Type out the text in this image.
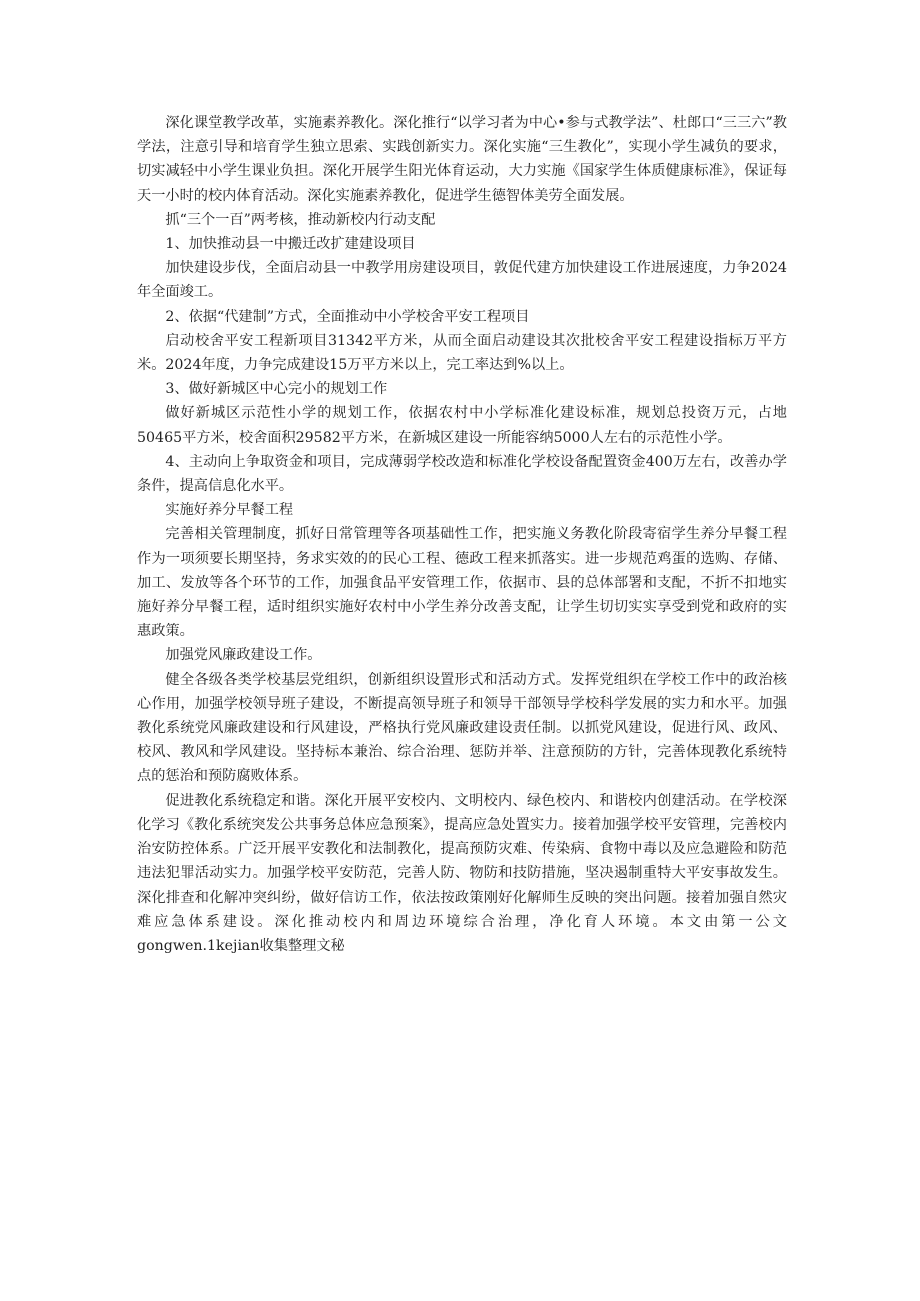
深化课堂教学改革，实施素养教化。深化推行“以学习者为中心•参与式教学法”、杜郎口“三三六”教学法，注意引导和培育学生独立思索、实践创新实力。深化实施“三生教化”，实现小学生减负的要求，切实减轻中小学生课业负担。深化开展学生阳光体育运动，大力实施《国家学生体质健康标准》，保证每天一小时的校内体育活动。深化实施素养教化，促进学生德智体美劳全面发展。

抓“三个一百”两考核，推动新校内行动支配

1、加快推动县一中搬迁改扩建建设项目

加快建设步伐，全面启动县一中教学用房建设项目，敦促代建方加快建设工作进展速度，力争2024年全面竣工。

2、依据“代建制”方式，全面推动中小学校舍平安工程项目

启动校舍平安工程新项目31342平方米，从而全面启动建设其次批校舍平安工程建设指标万平方米。2024年度，力争完成建设15万平方米以上，完工率达到%以上。

3、做好新城区中心完小的规划工作

做好新城区示范性小学的规划工作，依据农村中小学标准化建设标准，规划总投资万元，占地50465平方米，校舍面积29582平方米，在新城区建设一所能容纳5000人左右的示范性小学。

4、主动向上争取资金和项目，完成薄弱学校改造和标准化学校设备配置资金400万左右，改善办学条件，提高信息化水平。

实施好养分早餐工程

完善相关管理制度，抓好日常管理等各项基础性工作，把实施义务教化阶段寄宿学生养分早餐工程作为一项须要长期坚持，务求实效的的民心工程、德政工程来抓落实。进一步规范鸡蛋的选购、存储、加工、发放等各个环节的工作，加强食品平安管理工作，依据市、县的总体部署和支配，不折不扣地实施好养分早餐工程，适时组织实施好农村中小学生养分改善支配，让学生切切实实享受到党和政府的实惠政策。

加强党风廉政建设工作。

健全各级各类学校基层党组织，创新组织设置形式和活动方式。发挥党组织在学校工作中的政治核心作用，加强学校领导班子建设，不断提高领导班子和领导干部领导学校科学发展的实力和水平。加强教化系统党风廉政建设和行风建设，严格执行党风廉政建设责任制。以抓党风建设，促进行风、政风、校风、教风和学风建设。坚持标本兼治、综合治理、惩防并举、注意预防的方针，完善体现教化系统特点的惩治和预防腐败体系。

促进教化系统稳定和谐。深化开展平安校内、文明校内、绿色校内、和谐校内创建活动。在学校深化学习《教化系统突发公共事务总体应急预案》，提高应急处置实力。接着加强学校平安管理，完善校内治安防控体系。广泛开展平安教化和法制教化，提高预防灾难、传染病、食物中毒以及应急避险和防范违法犯罪活动实力。加强学校平安防范，完善人防、物防和技防措施，坚决遏制重特大平安事故发生。深化排查和化解冲突纠纷，做好信访工作，依法按政策刚好化解师生反映的突出问题。接着加强自然灾难应急体系建设。深化推动校内和周边环境综合治理，净化育人环境。本文由第一公文gongwen.1kejian收集整理文秘
